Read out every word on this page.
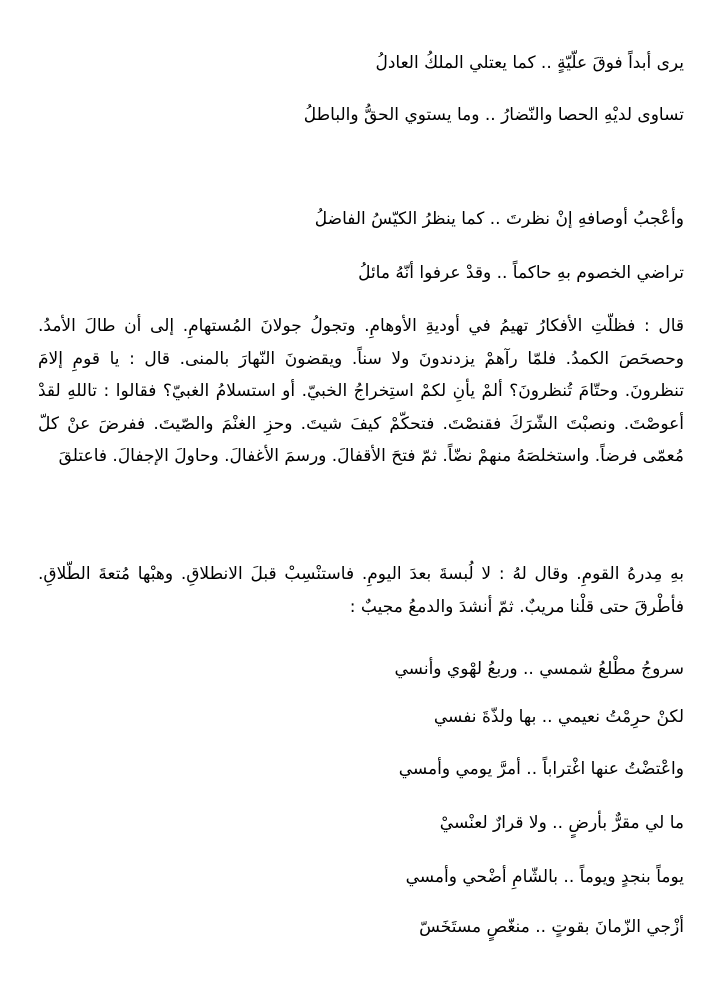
يرى أبداً فوقَ علّيّةٍ .. كما يعتلي الملكُ العادلُ
تساوى لديْهِ الحصا والنّضارُ .. وما يستوي الحقُّ والباطلُ
وأعْجبُ أوصافهِ إنْ نظرتَ .. كما ينظرُ الكيّسُ الفاضلُ
تراضي الخصوم بهِ حاكماً .. وقدْ عرفوا أنّهُ مائلُ
قال : فظلّتِ الأفكارُ تهيمُ في أوديةِ الأوهامِ. وتجولُ جولانَ المُستهامِ. إلى أن طالَ الأمدُ. وحصحَصَ الكمدُ. فلمّا رآهمْ يزدندونَ ولا سناً. ويقضونَ النّهارَ بالمنى. قال : يا قومِ إلامَ تنظرونَ. وحتّامَ تُنظرونَ؟ ألمْ يأنِ لكمْ استِخراجُ الخبيّ. أو استسلامُ الغبيّ؟ فقالوا : تاللهِ لقدْ أعوصْتَ. ونصبْتَ الشّرَكَ فقنصْتَ. فتحكّمْ كيفَ شيتَ. وحزِ الغنْمَ والصّيتَ. ففرضَ عنْ كلّ مُعمّى فرضاً. واستخلصَهُ منهمْ نضّاً. ثمّ فتحَ الأقفالَ. ورسمَ الأغفالَ. وحاولَ الإجفالَ. فاعتلقَ
بهِ مِدرهُ القومِ. وقال لهُ : لا لُبسةَ بعدَ اليومِ. فاستنْسِبْ قبلَ الانطلاقِ. وهبْها مُتعةَ الطّلاقِ. فأطْرقَ حتى قلْنا مريبٌ. ثمّ أنشدَ والدمعُ مجيبٌ :
سروجُ مطْلعُ شمسي .. وربعُ لهْوي وأنسي
لكنْ حرِمْتُ نعيمي .. بها ولذّةَ نفسي
واعْتضْتُ عنها اغْتراباً .. أمرَّ يومي وأمسي
ما لي مقرٌّ بأرضٍ .. ولا قرارٌ لعنْسيْ
يوماً بنجدٍ ويوماً .. بالشّامِ أضْحي وأمسي
أزْجي الزّمانَ بقوتٍ .. منغّصٍ مستَخَسّ
